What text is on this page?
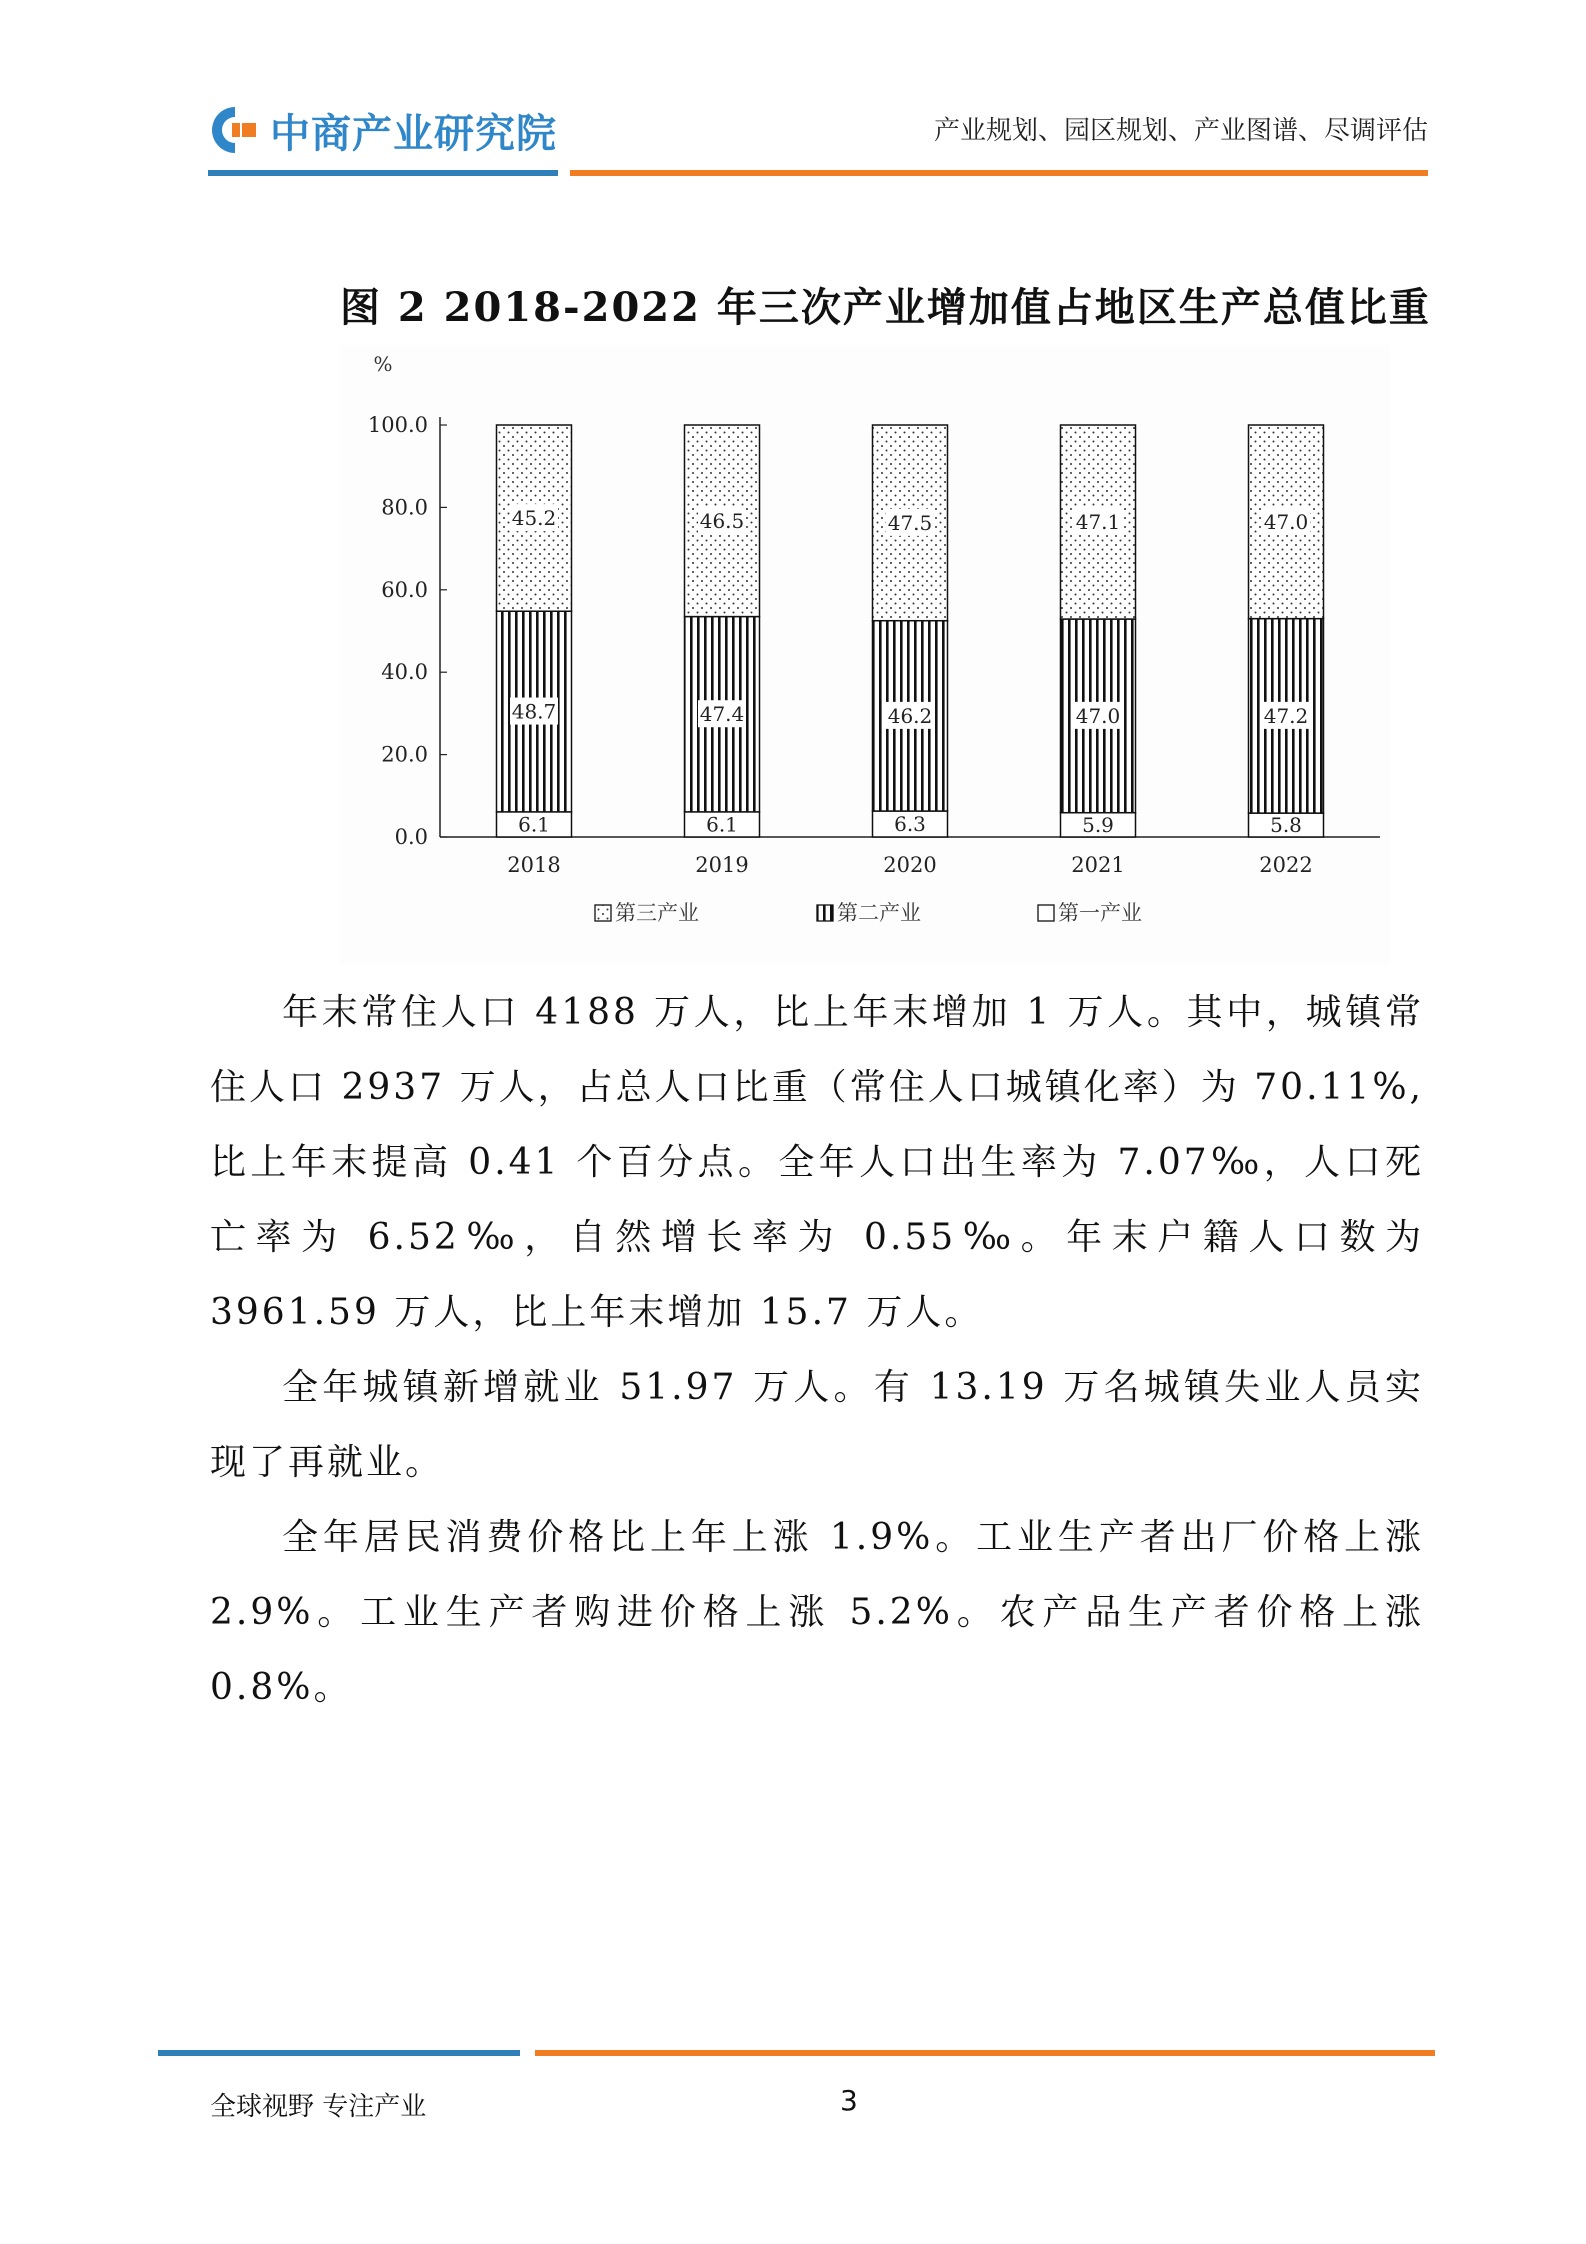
中商产业研究院	产业规划、园区规划、产业图谱、尽调评估
图 2 2018-2022 年三次产业增加值占地区生产总值比重
%
0.0
20.0
40.0
60.0
80.0
100.0
6.1
48.7
45.2
2018
6.1
47.4
46.5
2019
6.3
46.2
47.5
2020
5.9
47.0
47.1
2021
5.8
47.2
47.0
2022
第三产业	第二产业	第一产业

年末常住人口 4188 万人，比上年末增加 1 万人。其中，城镇常住人口 2937 万人，占总人口比重（常住人口城镇化率）为 70.11%,比上年末提高 0.41 个百分点。全年人口出生率为 7.07‰，人口死亡率为 6.52‰，自然增长率为 0.55‰。年末户籍人口数为 3961.59 万人，比上年末增加 15.7 万人。

全年城镇新增就业 51.97 万人。有 13.19 万名城镇失业人员实现了再就业。

全年居民消费价格比上年上涨 1.9%。工业生产者出厂价格上涨 2.9%。工业生产者购进价格上涨 5.2%。农产品生产者价格上涨 0.8%。

全球视野 专注产业	3
